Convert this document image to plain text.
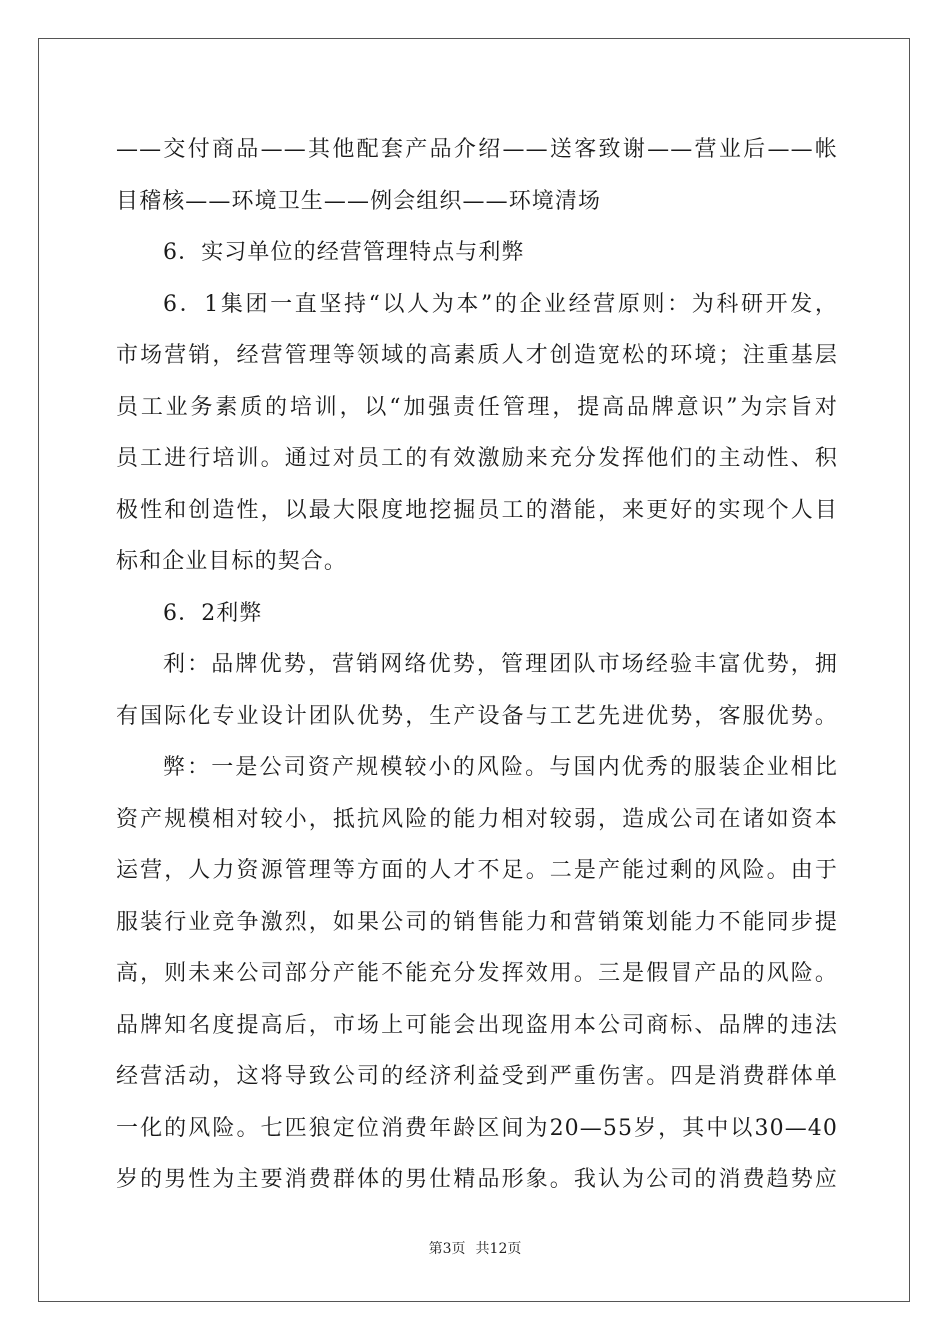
——交付商品——其他配套产品介绍——送客致谢——营业后——帐
目稽核——环境卫生——例会组织——环境清场
6．实习单位的经营管理特点与利弊
6．1集团一直坚持“以人为本”的企业经营原则：为科研开发，
市场营销，经营管理等领域的高素质人才创造宽松的环境；注重基层
员工业务素质的培训，以“加强责任管理，提高品牌意识”为宗旨对
员工进行培训。通过对员工的有效激励来充分发挥他们的主动性、积
极性和创造性，以最大限度地挖掘员工的潜能，来更好的实现个人目
标和企业目标的契合。
6．2利弊
利：品牌优势，营销网络优势，管理团队市场经验丰富优势，拥
有国际化专业设计团队优势，生产设备与工艺先进优势，客服优势。
弊：一是公司资产规模较小的风险。与国内优秀的服装企业相比
资产规模相对较小，抵抗风险的能力相对较弱，造成公司在诸如资本
运营，人力资源管理等方面的人才不足。二是产能过剩的风险。由于
服装行业竞争激烈，如果公司的销售能力和营销策划能力不能同步提
高，则未来公司部分产能不能充分发挥效用。三是假冒产品的风险。
品牌知名度提高后，市场上可能会出现盗用本公司商标、品牌的违法
经营活动，这将导致公司的经济利益受到严重伤害。四是消费群体单
一化的风险。七匹狼定位消费年龄区间为20—55岁，其中以30—40
岁的男性为主要消费群体的男仕精品形象。我认为公司的消费趋势应
第3页 共12页
